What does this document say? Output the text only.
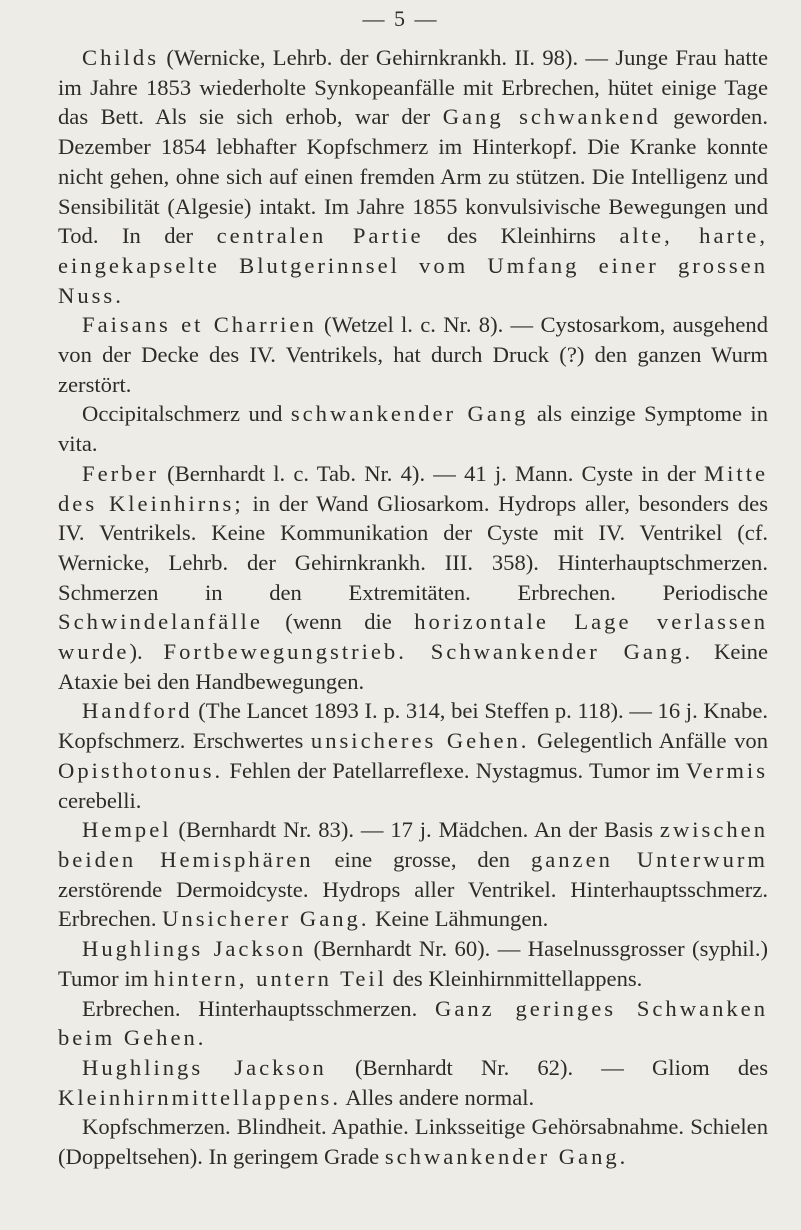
— 5 —

Childs (Wernicke, Lehrb. der Gehirnkrankh. II. 98). — Junge Frau hatte im Jahre 1853 wiederholte Synkopeanfälle mit Erbrechen, hütet einige Tage das Bett. Als sie sich erhob, war der Gang schwankend geworden. Dezember 1854 lebhafter Kopfschmerz im Hinterkopf. Die Kranke konnte nicht gehen, ohne sich auf einen fremden Arm zu stützen. Die Intelligenz und Sensibilität (Algesie) intakt. Im Jahre 1855 konvulsivische Bewegungen und Tod. In der centralen Partie des Kleinhirns alte, harte, eingekapselte Blutgerinnsel vom Umfang einer grossen Nuss.

Faisans et Charrien (Wetzel l. c. Nr. 8). — Cystosarkom, ausgehend von der Decke des IV. Ventrikels, hat durch Druck (?) den ganzen Wurm zerstört.

Occipitalschmerz und schwankender Gang als einzige Symptome in vita.

Ferber (Bernhardt l. c. Tab. Nr. 4). — 41 j. Mann. Cyste in der Mitte des Kleinhirns; in der Wand Gliosarkom. Hydrops aller, besonders des IV. Ventrikels. Keine Kommunikation der Cyste mit IV. Ventrikel (cf. Wernicke, Lehrb. der Gehirnkrankh. III. 358). Hinterhauptschmerzen. Schmerzen in den Extremitäten. Erbrechen. Periodische Schwindelanfälle (wenn die horizontale Lage verlassen wurde). Fortbewegungstrieb. Schwankender Gang. Keine Ataxie bei den Handbewegungen.

Handford (The Lancet 1893 I. p. 314, bei Steffen p. 118). — 16 j. Knabe. Kopfschmerz. Erschwertes unsicheres Gehen. Gelegentlich Anfälle von Opisthotonus. Fehlen der Patellarreflexe. Nystagmus. Tumor im Vermis cerebelli.

Hempel (Bernhardt Nr. 83). — 17 j. Mädchen. An der Basis zwischen beiden Hemisphären eine grosse, den ganzen Unterwurm zerstörende Dermoidcyste. Hydrops aller Ventrikel. Hinterhauptsschmerz. Erbrechen. Unsicherer Gang. Keine Lähmungen.

Hughlings Jackson (Bernhardt Nr. 60). — Haselnussgrosser (syphil.) Tumor im hintern, untern Teil des Kleinhirnmittellappens.

Erbrechen. Hinterhauptsschmerzen. Ganz geringes Schwanken beim Gehen.

Hughlings Jackson (Bernhardt Nr. 62). — Gliom des Kleinhirnmittellappens. Alles andere normal.

Kopfschmerzen. Blindheit. Apathie. Linksseitige Gehörsabnahme. Schielen (Doppeltsehen). In geringem Grade schwankender Gang.
